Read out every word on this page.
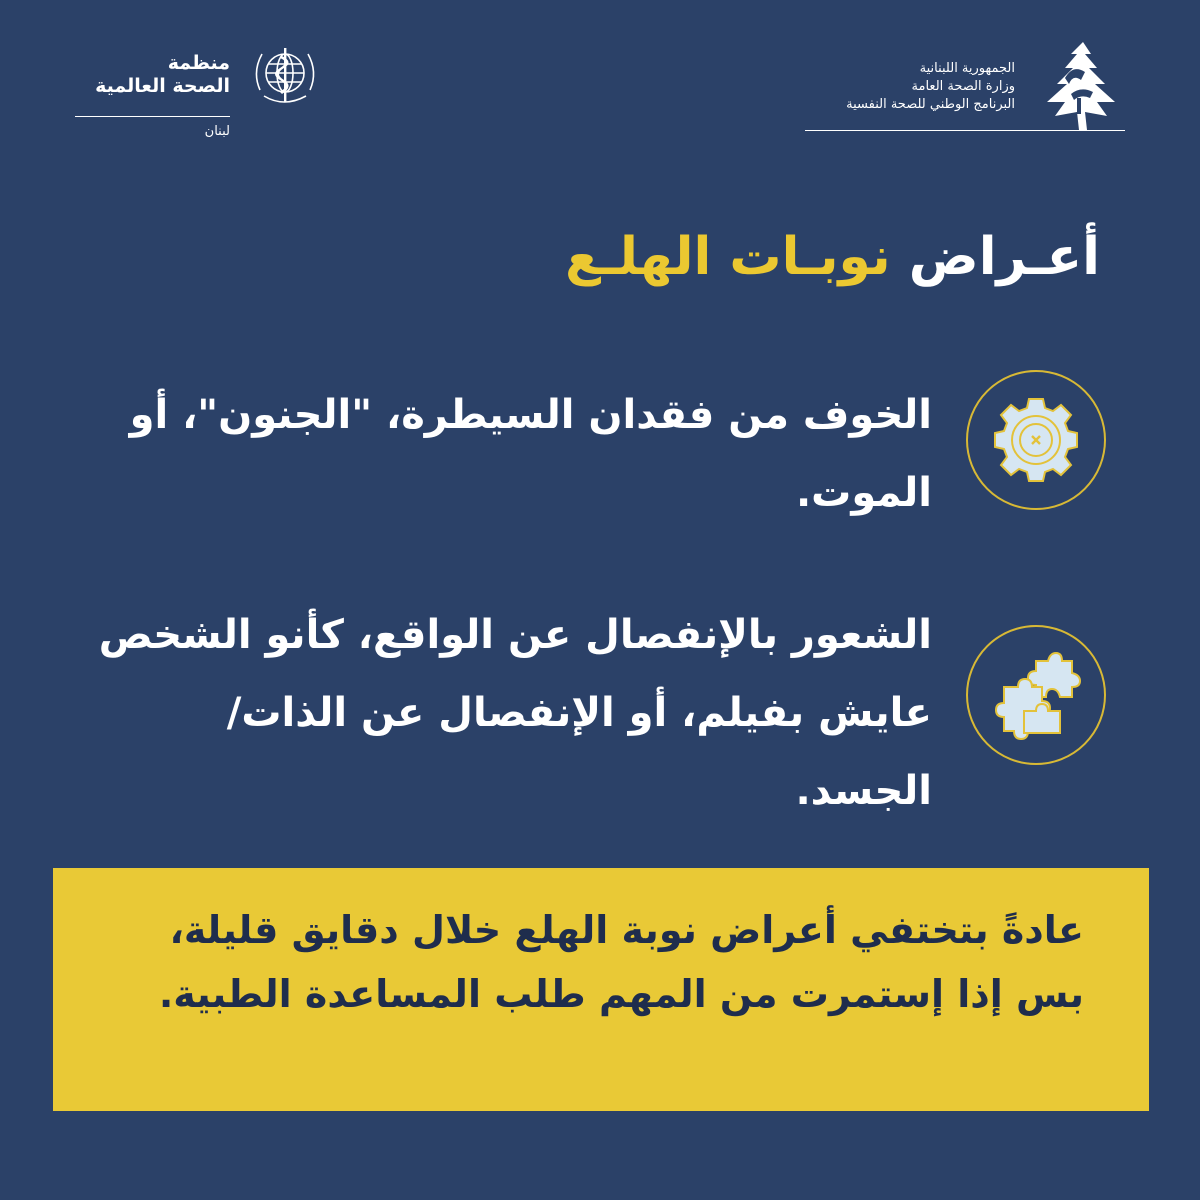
الجمهورية اللبنانية
وزارة الصحة العامة
البرنامج الوطني للصحة النفسية
منظمة
الصحة العالمية
لبنان
أعـراض نوبـات الهلـع
الخوف من فقدان السيطرة، "الجنون"، أو الموت.
الشعور بالإنفصال عن الواقع، كأنو الشخص عايش بفيلم، أو الإنفصال عن الذات/الجسد.
عادةً بتختفي أعراض نوبة الهلع خلال دقايق قليلة، بس إذا إستمرت من المهم طلب المساعدة الطبية.
